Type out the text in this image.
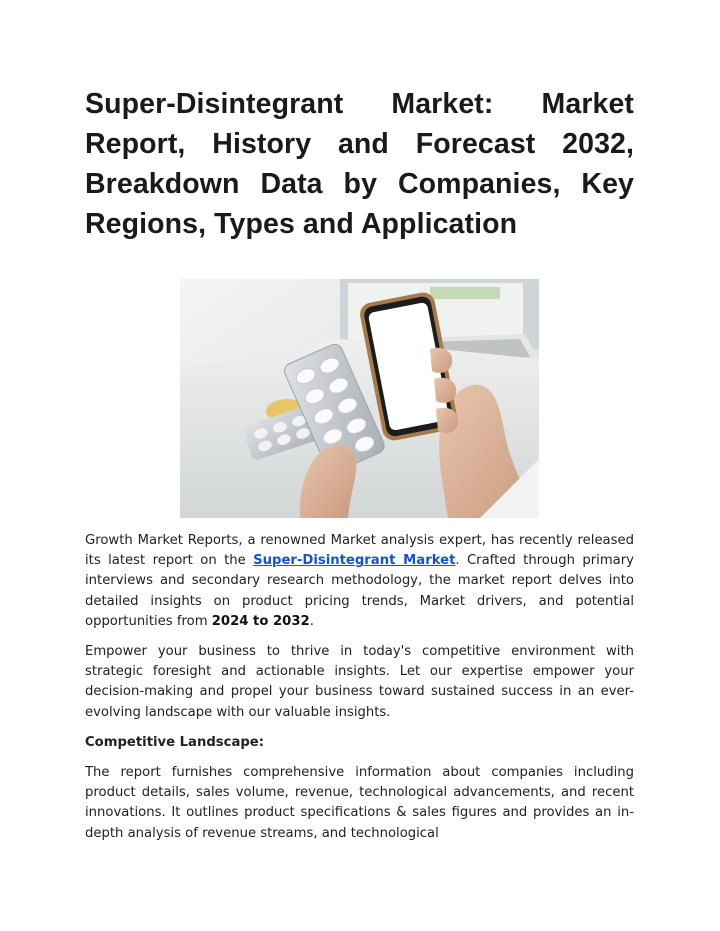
Super-Disintegrant Market: Market Report, History and Forecast 2032, Breakdown Data by Companies, Key Regions, Types and Application

Growth Market Reports, a renowned Market analysis expert, has recently released its latest report on the Super-Disintegrant Market. Crafted through primary interviews and secondary research methodology, the market report delves into detailed insights on product pricing trends, Market drivers, and potential opportunities from 2024 to 2032.

Empower your business to thrive in today's competitive environment with strategic foresight and actionable insights. Let our expertise empower your decision-making and propel your business toward sustained success in an ever-evolving landscape with our valuable insights.

Competitive Landscape:

The report furnishes comprehensive information about companies including product details, sales volume, revenue, technological advancements, and recent innovations. It outlines product specifications & sales figures and provides an in-depth analysis of revenue streams, and technological
